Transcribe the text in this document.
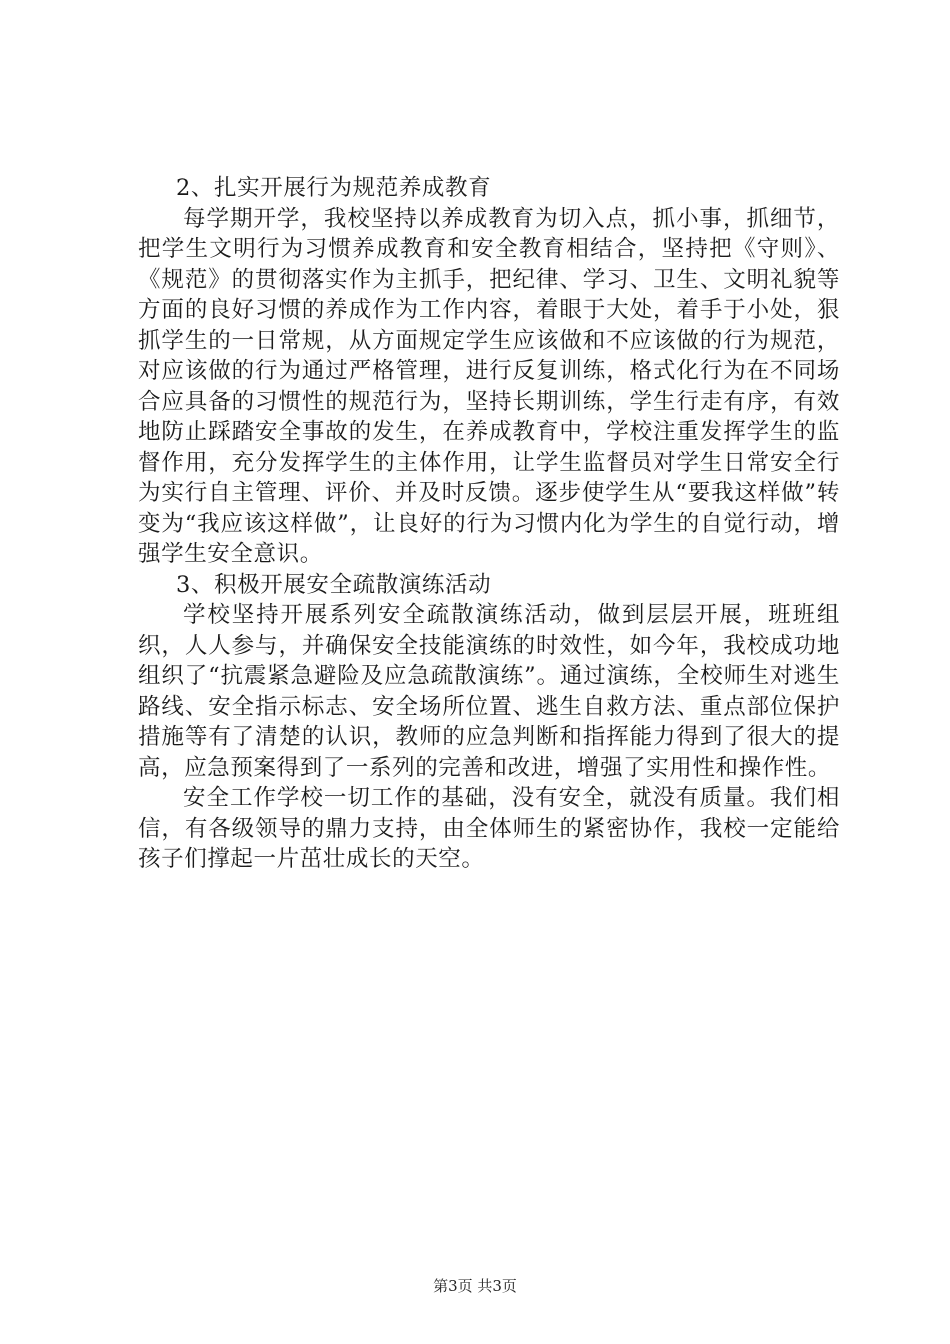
2、扎实开展行为规范养成教育

每学期开学，我校坚持以养成教育为切入点，抓小事，抓细节，把学生文明行为习惯养成教育和安全教育相结合，坚持把《守则》、《规范》的贯彻落实作为主抓手，把纪律、学习、卫生、文明礼貌等方面的良好习惯的养成作为工作内容，着眼于大处，着手于小处，狠抓学生的一日常规，从方面规定学生应该做和不应该做的行为规范，对应该做的行为通过严格管理，进行反复训练，格式化行为在不同场合应具备的习惯性的规范行为，坚持长期训练，学生行走有序，有效地防止踩踏安全事故的发生，在养成教育中，学校注重发挥学生的监督作用，充分发挥学生的主体作用，让学生监督员对学生日常安全行为实行自主管理、评价、并及时反馈。逐步使学生从“要我这样做”转变为“我应该这样做”，让良好的行为习惯内化为学生的自觉行动，增强学生安全意识。

3、积极开展安全疏散演练活动

学校坚持开展系列安全疏散演练活动，做到层层开展，班班组织，人人参与，并确保安全技能演练的时效性，如今年，我校成功地组织了“抗震紧急避险及应急疏散演练”。通过演练，全校师生对逃生路线、安全指示标志、安全场所位置、逃生自救方法、重点部位保护措施等有了清楚的认识，教师的应急判断和指挥能力得到了很大的提高，应急预案得到了一系列的完善和改进，增强了实用性和操作性。

安全工作学校一切工作的基础，没有安全，就没有质量。我们相信，有各级领导的鼎力支持，由全体师生的紧密协作，我校一定能给孩子们撑起一片茁壮成长的天空。

第3页 共3页
